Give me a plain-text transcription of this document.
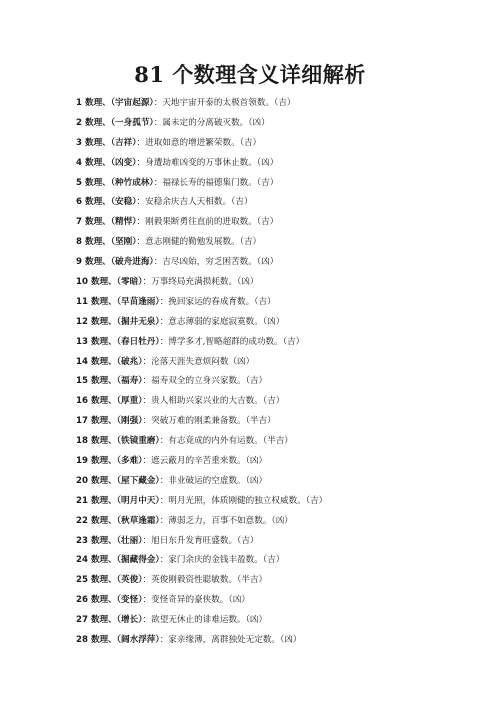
81 个数理含义详细解析
1 数理、（宇宙起源）：天地宇宙开泰的太极首领数。（吉）
2 数理、（一身孤节）：属未定的分离破灭数。（凶）
3 数理、（吉祥）：进取如意的增进繁荣数。（吉）
4 数理、（凶变）：身遭劫难凶变的万事休止数。（凶）
5 数理、（种竹成林）：福禄长寿的福德集门数。（吉）
6 数理、（安稳）：安稳余庆吉人天相数。（吉）
7 数理、（精悍）：刚毅果断勇往直前的进取数。（吉）
8 数理、（坚刚）：意志刚健的勤勉发展数。（吉）
9 数理、（破舟进海）：吉尽凶始，穷乏困苦数。（凶）
10 数理、（零暗）：万事终局充满损耗数。（凶）
11 数理、（早苗逢雨）：挽回家运的春成育数。（吉）
12 数理、（掘井无泉）：意志薄弱的家庭寂寞数。（凶）
13 数理、（春日牡丹）：博学多才,智略超群的成功数。（吉）
14 数理、（破兆）：沦落天涯失意烦闷数（凶）
15 数理、（福寿）：福寿双全的立身兴家数。（吉）
16 数理、（厚重）：贵人相助兴家兴业的大吉数。（吉）
17 数理、（刚强）：突破万难的刚柔兼备数。（半吉）
18 数理、（铁镜重磨）：有志竟成的内外有运数。（半吉）
19 数理、（多难）：遮云蔽月的辛苦重来数。（凶）
20 数理、（屋下藏金）：非业破运的空虚数。（凶）
21 数理、（明月中天）：明月光照，体质刚健的独立权威数。（吉）
22 数理、（秋草逢霜）：薄弱乏力，百事不如意数。（凶）
23 数理、（壮丽）：旭日东升发育旺盛数。（吉）
24 数理、（掘藏得金）：家门余庆的金钱丰盈数。（吉）
25 数理、（英俊）：英俊刚毅资性聪敏数。（半吉）
26 数理、（变怪）：变怪奇异的豪侠数。（凶）
27 数理、（增长）：欲望无休止的诽难运数。（凶）
28 数理、（阔水浮萍）：家亲缘薄，离群独处无定数。（凶）
